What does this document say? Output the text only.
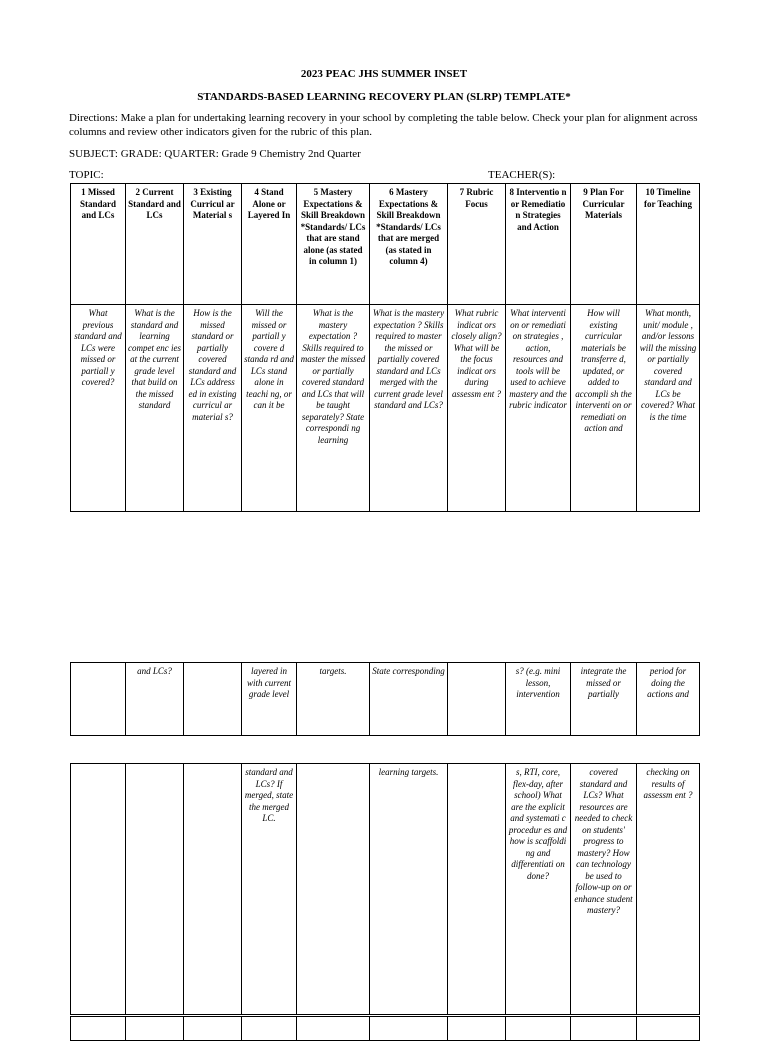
2023 PEAC JHS SUMMER INSET
STANDARDS-BASED LEARNING RECOVERY PLAN (SLRP) TEMPLATE*
Directions: Make a plan for undertaking learning recovery in your school by completing the table below. Check your plan for alignment across columns and review other indicators given for the rubric of this plan.
SUBJECT: GRADE: QUARTER: Grade 9 Chemistry 2nd Quarter
TOPIC:	TEACHER(S):
1 Missed Standard and LCs	2 Current Standard and LCs	3 Existing Curricul ar Material s	4 Stand Alone or Layered In	5 Mastery Expectations & Skill Breakdown *Standards/ LCs that are stand alone (as stated in column 1)	6 Mastery Expectations & Skill Breakdown *Standards/ LCs that are merged (as stated in column 4)	7 Rubric Focus	8 Interventio n or Remediatio n Strategies and Action	9 Plan For Curricular Materials	10 Timeline for Teaching
What previous standard and LCs were missed or partiall y covered?	What is the standard and learning compet enc ies at the current grade level that build on the missed standard	How is the missed standard or partially covered standard and LCs address ed in existing curricul ar material s?	Will the missed or partiall y covere d standa rd and LCs stand alone in teachi ng, or can it be	What is the mastery expectation ? Skills required to master the missed or partially covered standard and LCs that will be taught separately? State correspondi ng learning	What is the mastery expectation ? Skills required to master the missed or partially covered standard and LCs merged with the current grade level standard and LCs?	What rubric indicat ors closely align? What will be the focus indicat ors during assessm ent ?	What interventi on or remediati on strategies , action, resources and tools will be used to achieve mastery and the rubric indicator	How will existing curricular materials be transferre d, updated, or added to accompli sh the interventi on or remediati on action and	What month, unit/ module , and/or lessons will the missing or partially covered standard and LCs be covered? What is the time
	and LCs?		layered in with current grade level	targets.	State corresponding		s? (e.g. mini lesson, intervention	integrate the missed or partially	period for doing the actions and
			standard and LCs? If merged, state the merged LC.		learning targets.		s, RTI, core, flex-day, after school) What are the explicit and systemati c procedur es and how is scaffoldi ng and differentiati on done?	covered standard and LCs? What resources are needed to check on students' progress to mastery? How can technology be used to follow-up on or enhance student mastery?	checking on results of assessm ent ?
